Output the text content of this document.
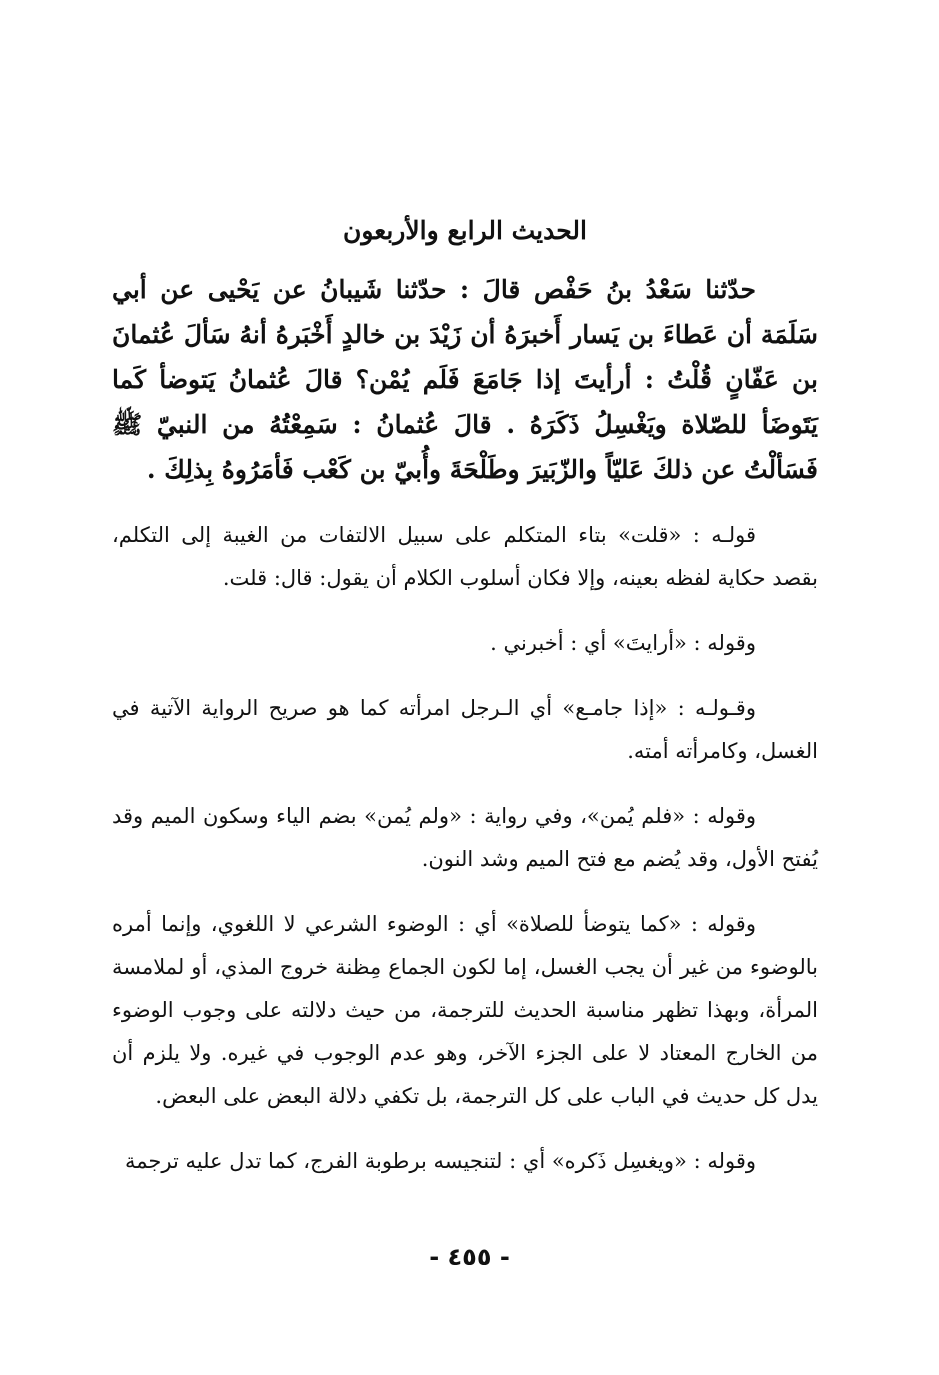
الحديث الرابع والأربعون

حدّثنا سَعْدُ بنُ حَفْص قالَ : حدّثنا شَيبانُ عن يَحْيى عن أبي سَلَمَة أن عَطاءَ بن يَسار أَخبرَهُ أن زَيْدَ بن خالدٍ أَخْبَرهُ أنهُ سَألَ عُثمانَ بن عَفّانٍ قُلْتُ : أرأيتَ إذا جَامَعَ فَلَم يُمْن؟ قالَ عُثمانُ يَتوضأ كَما يَتَوضَأ للصّلاة ويَغْسِلُ ذَكَرَهُ . قالَ عُثمانُ : سَمِعْتُهُ من النبيّ ﷺ فَسَألْتُ عن ذلكَ عَليّاً والزّبَيرَ وطَلْحَةَ وأُبيّ بن كَعْب فَأمَرُوهُ بِذلِكَ .

قولـه : «قلت» بتاء المتكلم على سبيل الالتفات من الغيبة إلى التكلم، بقصد حكاية لفظه بعينه، وإلا فكان أسلوب الكلام أن يقول: قال: قلت.

وقوله : «أرايتَ» أي : أخبرني .

وقـولـه : «إذا جامـع» أي الـرجل امرأته كما هو صريح الرواية الآتية في الغسل، وكامرأته أمته.

وقوله : «فلم يُمن»، وفي رواية : «ولم يُمن» بضم الياء وسكون الميم وقد يُفتح الأول، وقد يُضم مع فتح الميم وشد النون.

وقوله : «كما يتوضأ للصلاة» أي : الوضوء الشرعي لا اللغوي، وإنما أمره بالوضوء من غير أن يجب الغسل، إما لكون الجماع مِظنة خروج المذي، أو لملامسة المرأة، وبهذا تظهر مناسبة الحديث للترجمة، من حيث دلالته على وجوب الوضوء من الخارج المعتاد لا على الجزء الآخر، وهو عدم الوجوب في غيره. ولا يلزم أن يدل كل حديث في الباب على كل الترجمة، بل تكفي دلالة البعض على البعض.

وقوله : «ويغسِل ذَكره» أي : لتنجيسه برطوبة الفرج، كما تدل عليه ترجمة

- ٤٥٥ -
